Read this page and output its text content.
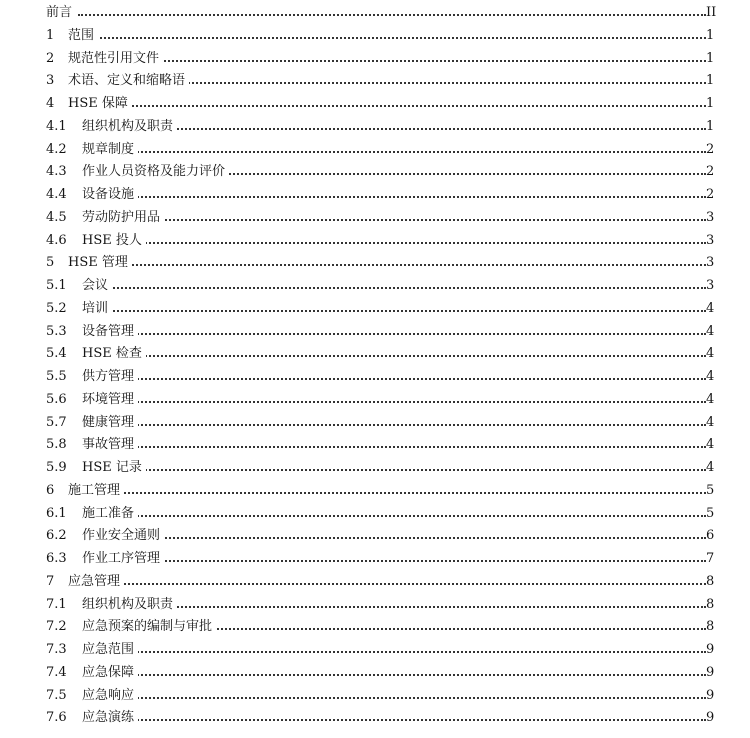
前言	II
1 范围	1
2 规范性引用文件	1
3 术语、定义和缩略语	1
4 HSE 保障	1
4.1 组织机构及职责	1
4.2 规章制度	2
4.3 作业人员资格及能力评价	2
4.4 设备设施	2
4.5 劳动防护用品	3
4.6 HSE 投人	3
5 HSE 管理	3
5.1 会议	3
5.2 培训	4
5.3 设备管理	4
5.4 HSE 检查	4
5.5 供方管理	4
5.6 环境管理	4
5.7 健康管理	4
5.8 事故管理	4
5.9 HSE 记录	4
6 施工管理	5
6.1 施工准备	5
6.2 作业安全通则	6
6.3 作业工序管理	7
7 应急管理	8
7.1 组织机构及职责	8
7.2 应急预案的编制与审批	8
7.3 应急范围	9
7.4 应急保障	9
7.5 应急响应	9
7.6 应急演练	9
